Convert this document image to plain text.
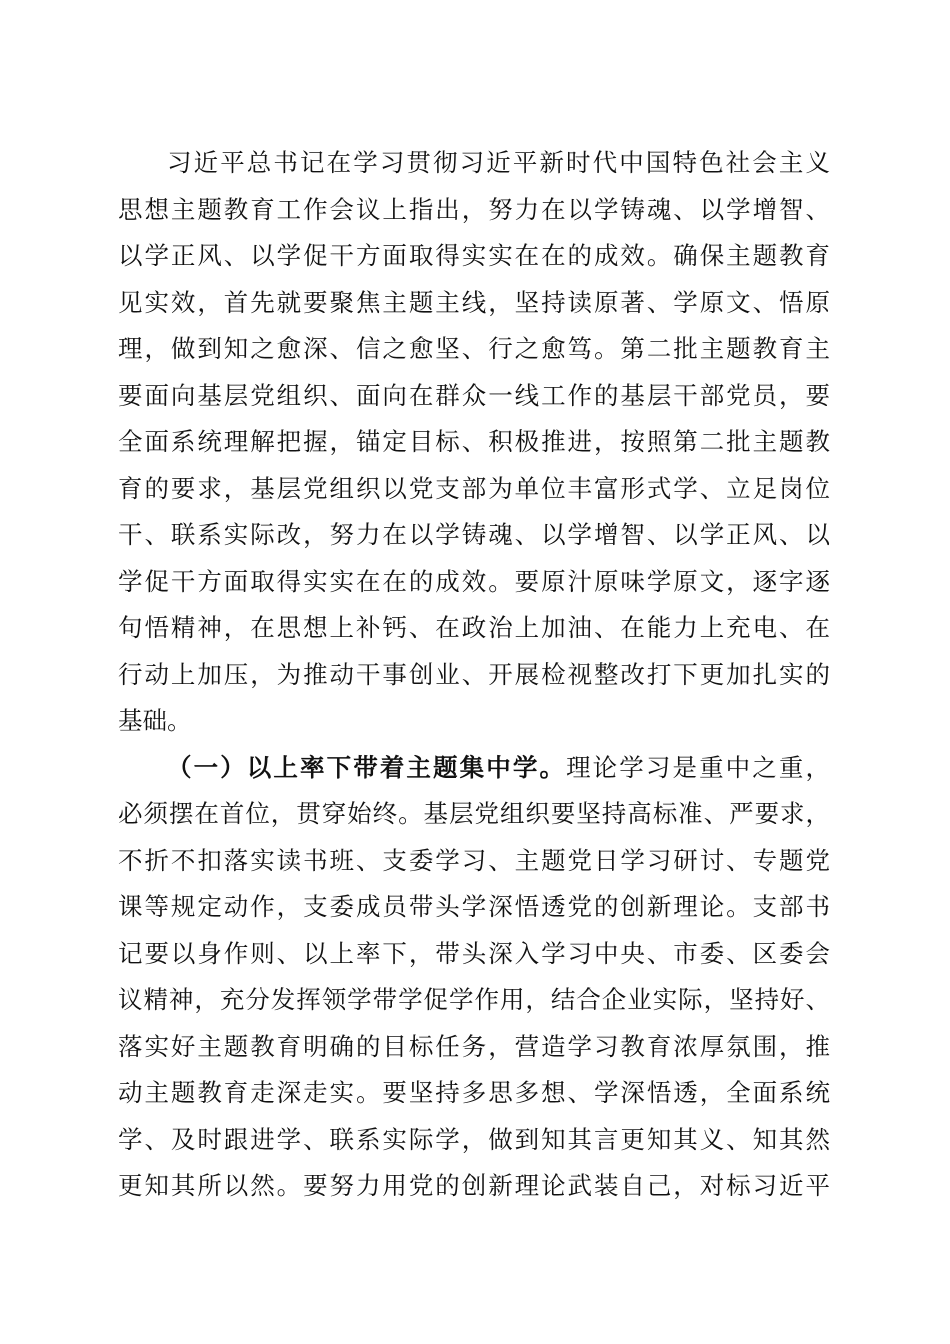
习近平总书记在学习贯彻习近平新时代中国特色社会主义
思想主题教育工作会议上指出，努力在以学铸魂、以学增智、
以学正风、以学促干方面取得实实在在的成效。确保主题教育
见实效，首先就要聚焦主题主线，坚持读原著、学原文、悟原
理，做到知之愈深、信之愈坚、行之愈笃。第二批主题教育主
要面向基层党组织、面向在群众一线工作的基层干部党员，要
全面系统理解把握，锚定目标、积极推进，按照第二批主题教
育的要求，基层党组织以党支部为单位丰富形式学、立足岗位
干、联系实际改，努力在以学铸魂、以学增智、以学正风、以
学促干方面取得实实在在的成效。要原汁原味学原文，逐字逐
句悟精神，在思想上补钙、在政治上加油、在能力上充电、在
行动上加压，为推动干事创业、开展检视整改打下更加扎实的
基础。
（一）以上率下带着主题集中学。理论学习是重中之重，
必须摆在首位，贯穿始终。基层党组织要坚持高标准、严要求，
不折不扣落实读书班、支委学习、主题党日学习研讨、专题党
课等规定动作，支委成员带头学深悟透党的创新理论。支部书
记要以身作则、以上率下，带头深入学习中央、市委、区委会
议精神，充分发挥领学带学促学作用，结合企业实际，坚持好、
落实好主题教育明确的目标任务，营造学习教育浓厚氛围，推
动主题教育走深走实。要坚持多思多想、学深悟透，全面系统
学、及时跟进学、联系实际学，做到知其言更知其义、知其然
更知其所以然。要努力用党的创新理论武装自己，对标习近平
